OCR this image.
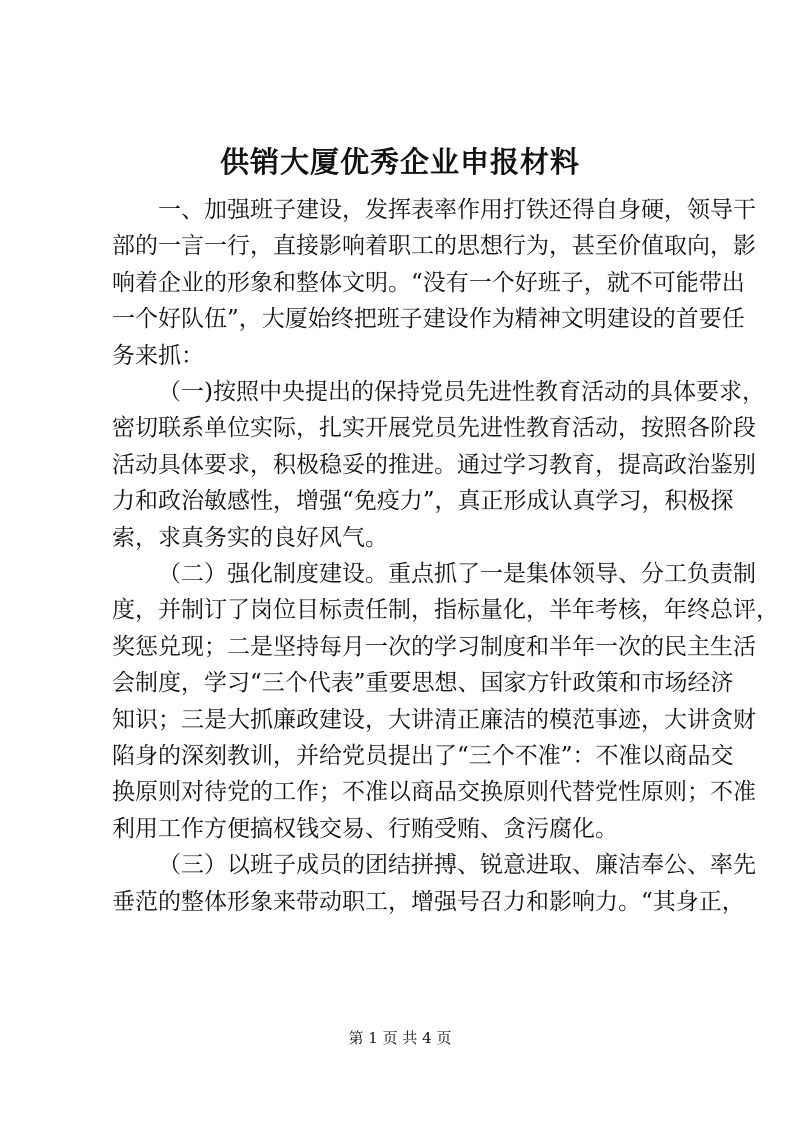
供销大厦优秀企业申报材料
一、加强班子建设，发挥表率作用打铁还得自身硬，领导干
部的一言一行，直接影响着职工的思想行为，甚至价值取向，影
响着企业的形象和整体文明。“没有一个好班子，就不可能带出
一个好队伍”，大厦始终把班子建设作为精神文明建设的首要任
务来抓：
（一)按照中央提出的保持党员先进性教育活动的具体要求，
密切联系单位实际，扎实开展党员先进性教育活动，按照各阶段
活动具体要求，积极稳妥的推进。通过学习教育，提高政治鉴别
力和政治敏感性，增强“免疫力”，真正形成认真学习，积极探
索，求真务实的良好风气。
（二）强化制度建设。重点抓了一是集体领导、分工负责制
度，并制订了岗位目标责任制，指标量化，半年考核，年终总评，
奖惩兑现；二是坚持每月一次的学习制度和半年一次的民主生活
会制度，学习“三个代表”重要思想、国家方针政策和市场经济
知识；三是大抓廉政建设，大讲清正廉洁的模范事迹，大讲贪财
陷身的深刻教训，并给党员提出了“三个不准”：不准以商品交
换原则对待党的工作；不准以商品交换原则代替党性原则；不准
利用工作方便搞权钱交易、行贿受贿、贪污腐化。
（三）以班子成员的团结拼搏、锐意进取、廉洁奉公、率先
垂范的整体形象来带动职工，增强号召力和影响力。“其身正，
第 1 页 共 4 页
